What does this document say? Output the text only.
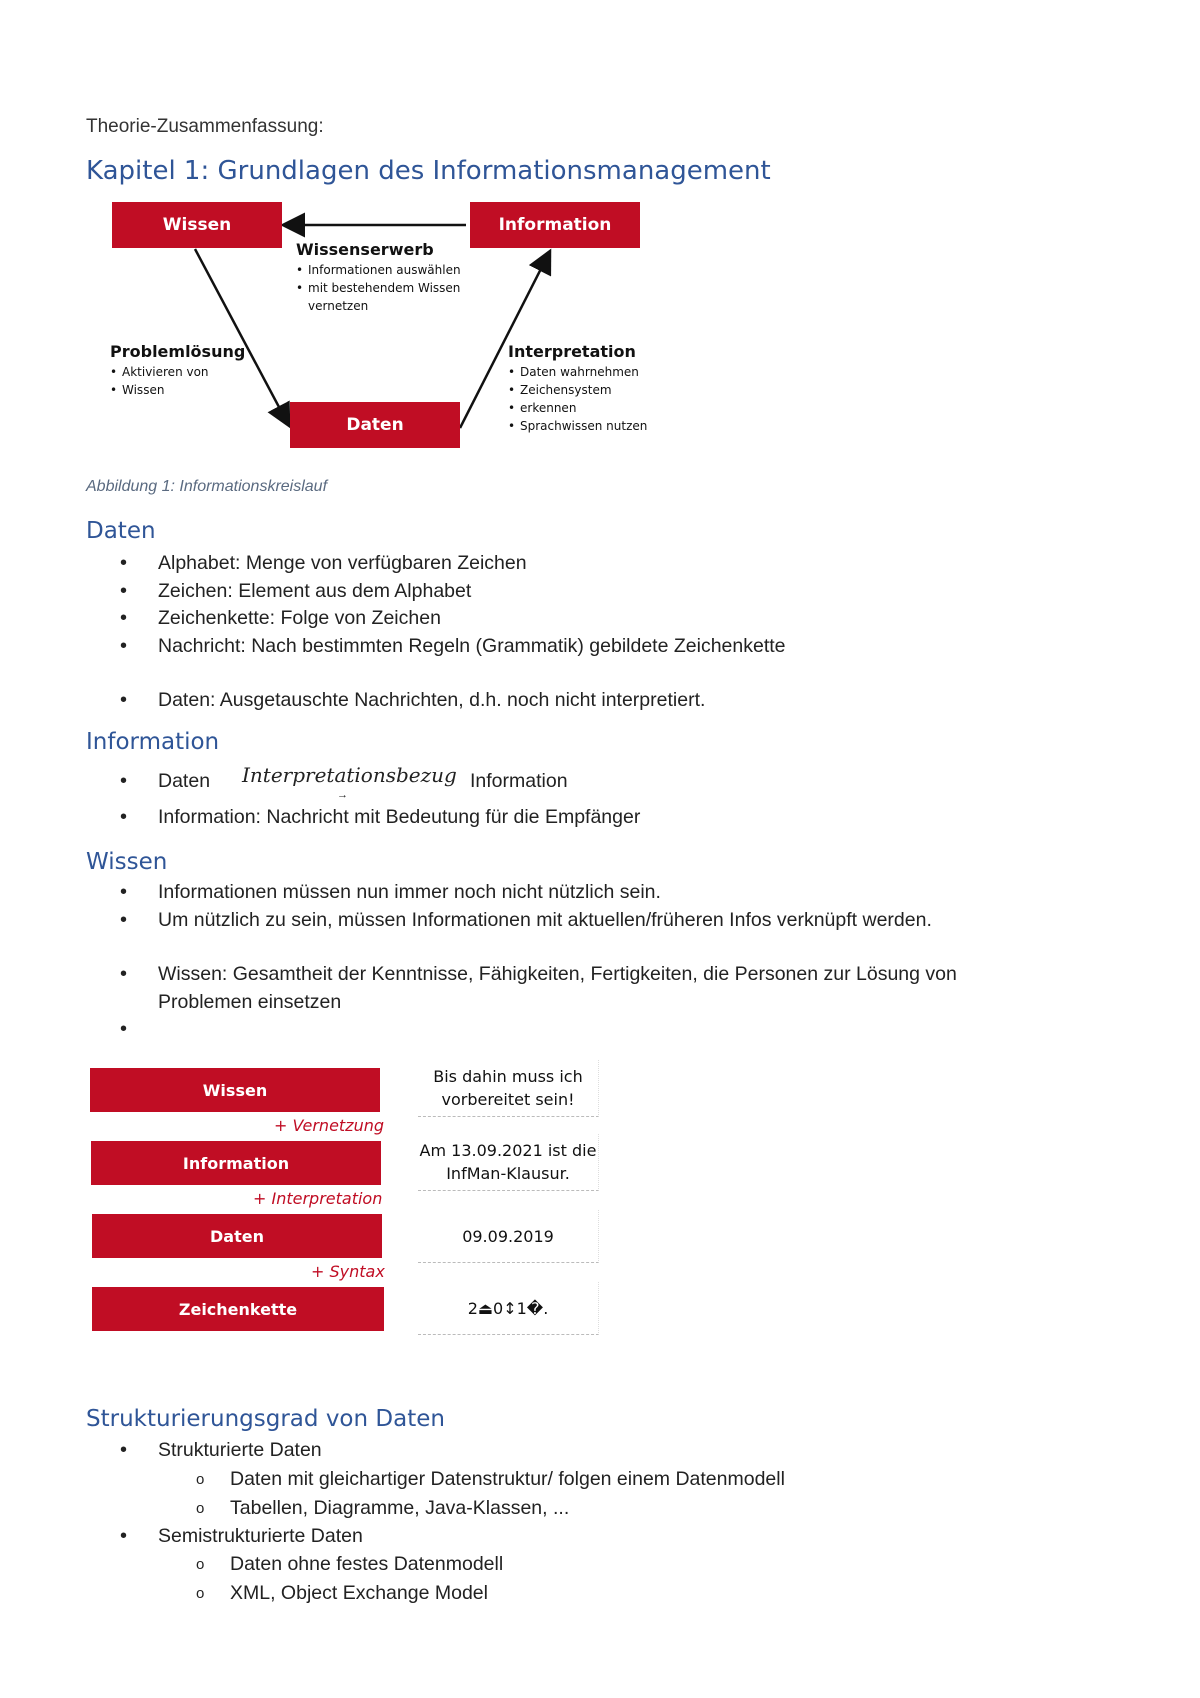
Theorie-Zusammenfassung:
Kapitel 1: Grundlagen des Informationsmanagement
Wissen	Information
Daten
Wissenserwerb
• Informationen auswählen
• mit bestehendem Wissen
vernetzen
Problemlösung
• Aktivieren von
• Wissen
Interpretation
• Daten wahrnehmen
• Zeichensystem
• erkennen
• Sprachwissen nutzen
Abbildung 1: Informationskreislauf
Daten
• Alphabet: Menge von verfügbaren Zeichen
• Zeichen: Element aus dem Alphabet
• Zeichenkette: Folge von Zeichen
• Nachricht: Nach bestimmten Regeln (Grammatik) gebildete Zeichenkette
• Daten: Ausgetauschte Nachrichten, d.h. noch nicht interpretiert.
Information
• Daten Interpretationsbezug
→
Information
• Information: Nachricht mit Bedeutung für die Empfänger
Wissen
• Informationen müssen nun immer noch nicht nützlich sein.
• Um nützlich zu sein, müssen Informationen mit aktuellen/früheren Infos verknüpft werden.
• Wissen: Gesamtheit der Kenntnisse, Fähigkeiten, Fertigkeiten, die Personen zur Lösung von
Problemen einsetzen
•
Wissen
+ Vernetzung
Information
+ Interpretation
Daten
+ Syntax
Zeichenkette
Bis dahin muss ich
vorbereitet sein!
Am 13.09.2021 ist die
InfMan-Klausur.
09.09.2019
2⏏0↕1�.
Strukturierungsgrad von Daten
• Strukturierte Daten
o Daten mit gleichartiger Datenstruktur/ folgen einem Datenmodell
o Tabellen, Diagramme, Java-Klassen, ...
• Semistrukturierte Daten
o Daten ohne festes Datenmodell
o XML, Object Exchange Model
